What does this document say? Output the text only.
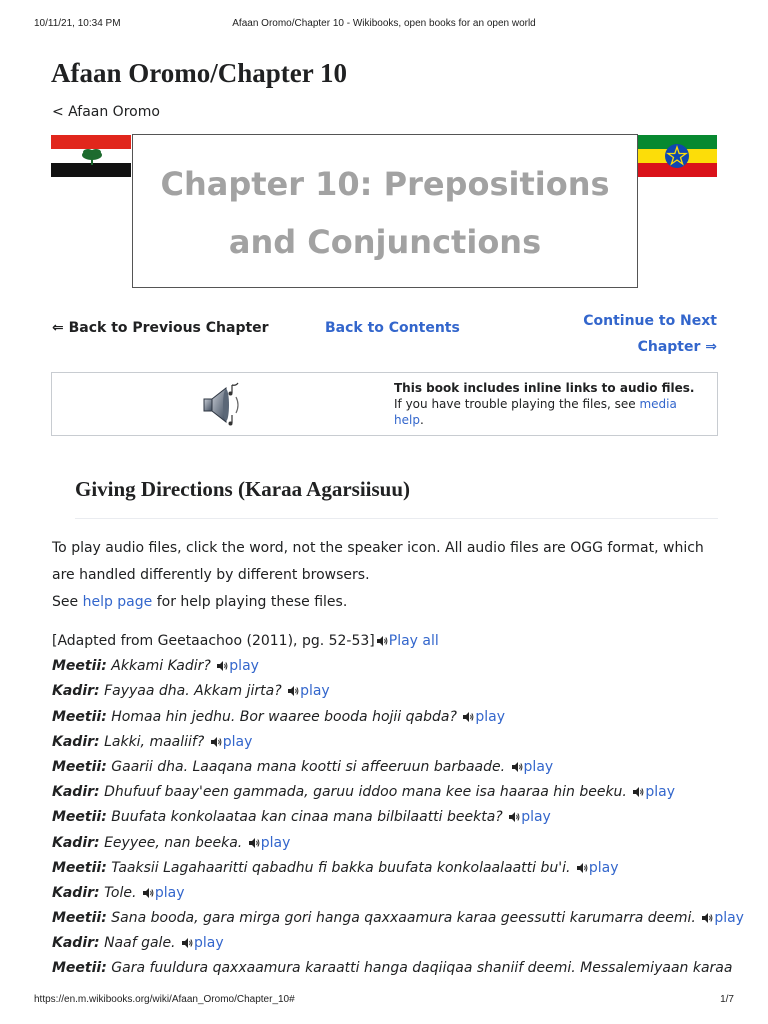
10/11/21, 10:34 PM	Afaan Oromo/Chapter 10 - Wikibooks, open books for an open world
Afaan Oromo/Chapter 10
< Afaan Oromo
Chapter 10: Prepositions and Conjunctions
⇐ Back to Previous Chapter	Back to Contents	Continue to Next Chapter ⇒
This book includes inline links to audio files. If you have trouble playing the files, see media help.
Giving Directions (Karaa Agarsiisuu)
To play audio files, click the word, not the speaker icon. All audio files are OGG format, which are handled differently by different browsers.
See help page for help playing these files.
[Adapted from Geetaachoo (2011), pg. 52-53] Play all
Meetii: Akkami Kadir? play
Kadir: Fayyaa dha. Akkam jirta? play
Meetii: Homaa hin jedhu. Bor waaree booda hojii qabda? play
Kadir: Lakki, maaliif? play
Meetii: Gaarii dha. Laaqana mana kootti si affeeruun barbaade. play
Kadir: Dhufuuf baay'een gammada, garuu iddoo mana kee isa haaraa hin beeku. play
Meetii: Buufata konkolaataa kan cinaa mana bilbilaatti beekta? play
Kadir: Eeyyee, nan beeka. play
Meetii: Taaksii Lagahaaritti qabadhu fi bakka buufata konkolaalaatti bu'i. play
Kadir: Tole. play
Meetii: Sana booda, gara mirga gori hanga qaxxaamura karaa geessutti karumarra deemi. play
Kadir: Naaf gale. play
Meetii: Gara fuuldura qaxxaamura karaatti hanga daqiiqaa shaniif deemi. Messalemiyaan karaa
https://en.m.wikibooks.org/wiki/Afaan_Oromo/Chapter_10#	1/7
